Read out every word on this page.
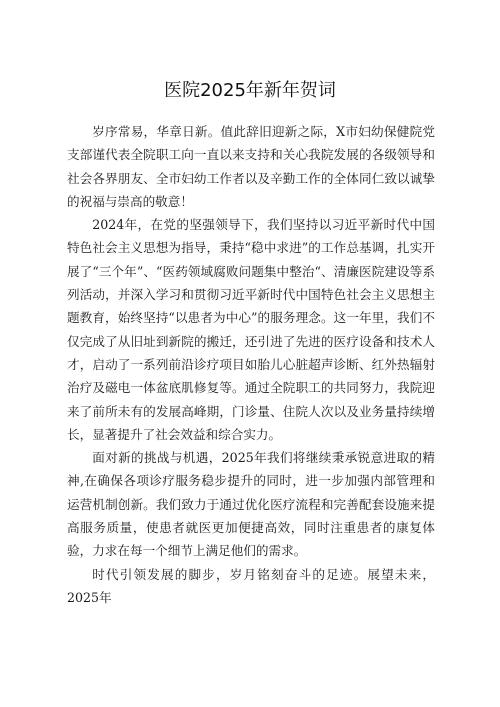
医院2025年新年贺词

岁序常易，华章日新。值此辞旧迎新之际，X市妇幼保健院党支部谨代表全院职工向一直以来支持和关心我院发展的各级领导和社会各界朋友、全市妇幼工作者以及辛勤工作的全体同仁致以诚挚的祝福与崇高的敬意！

2024年，在党的坚强领导下，我们坚持以习近平新时代中国特色社会主义思想为指导，秉持“稳中求进”的工作总基调，扎实开展了“三个年”、“医药领域腐败问题集中整治“、清廉医院建设等系列活动，并深入学习和贯彻习近平新时代中国特色社会主义思想主题教育，始终坚持“以患者为中心”的服务理念。这一年里，我们不仅完成了从旧址到新院的搬迁，还引进了先进的医疗设备和技术人才，启动了一系列前沿诊疗项目如胎儿心脏超声诊断、红外热辐射治疗及磁电一体盆底肌修复等。通过全院职工的共同努力，我院迎来了前所未有的发展高峰期，门诊量、住院人次以及业务量持续增长，显著提升了社会效益和综合实力。

面对新的挑战与机遇，2025年我们将继续秉承锐意进取的精神,在确保各项诊疗服务稳步提升的同时，进一步加强内部管理和运营机制创新。我们致力于通过优化医疗流程和完善配套设施来提高服务质量，使患者就医更加便捷高效，同时注重患者的康复体验，力求在每一个细节上满足他们的需求。

时代引领发展的脚步，岁月铭刻奋斗的足迹。展望未来，2025年
